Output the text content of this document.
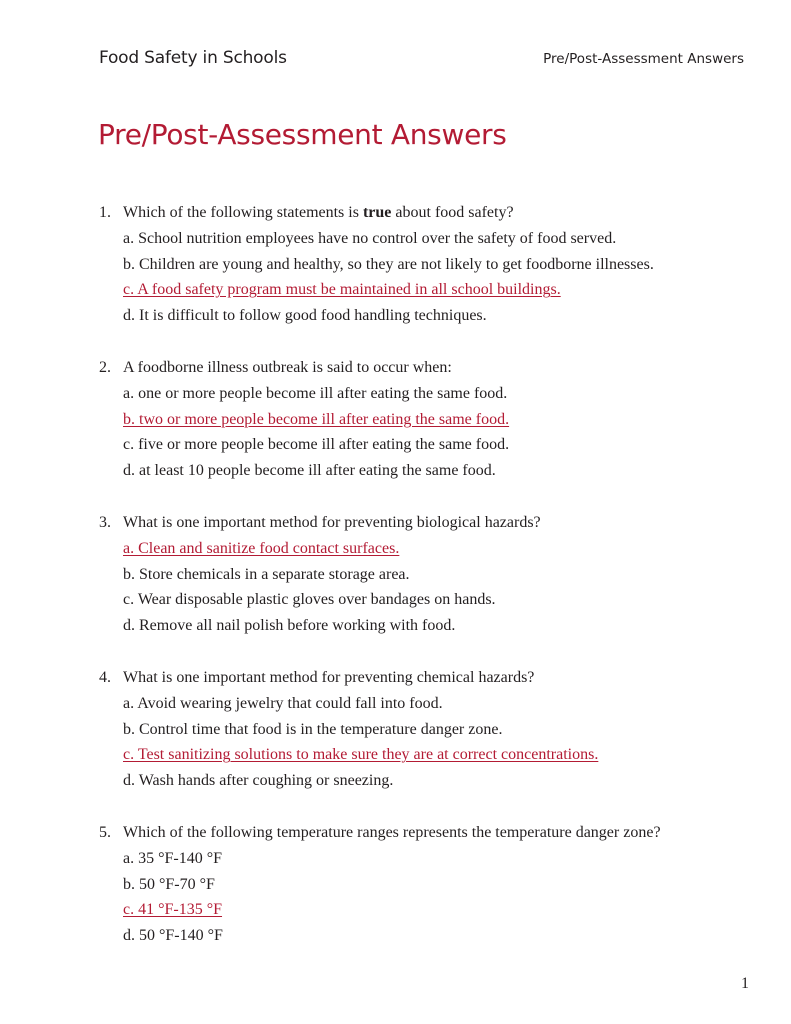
Food Safety in Schools	Pre/Post-Assessment Answers
Pre/Post-Assessment Answers
1. Which of the following statements is true about food safety?
a. School nutrition employees have no control over the safety of food served.
b. Children are young and healthy, so they are not likely to get foodborne illnesses.
c. A food safety program must be maintained in all school buildings.
d. It is difficult to follow good food handling techniques.
2. A foodborne illness outbreak is said to occur when:
a. one or more people become ill after eating the same food.
b. two or more people become ill after eating the same food.
c. five or more people become ill after eating the same food.
d. at least 10 people become ill after eating the same food.
3. What is one important method for preventing biological hazards?
a. Clean and sanitize food contact surfaces.
b. Store chemicals in a separate storage area.
c. Wear disposable plastic gloves over bandages on hands.
d. Remove all nail polish before working with food.
4. What is one important method for preventing chemical hazards?
a. Avoid wearing jewelry that could fall into food.
b. Control time that food is in the temperature danger zone.
c. Test sanitizing solutions to make sure they are at correct concentrations.
d. Wash hands after coughing or sneezing.
5. Which of the following temperature ranges represents the temperature danger zone?
a. 35 °F-140 °F
b. 50 °F-70 °F
c. 41 °F-135 °F
d. 50 °F-140 °F
1
